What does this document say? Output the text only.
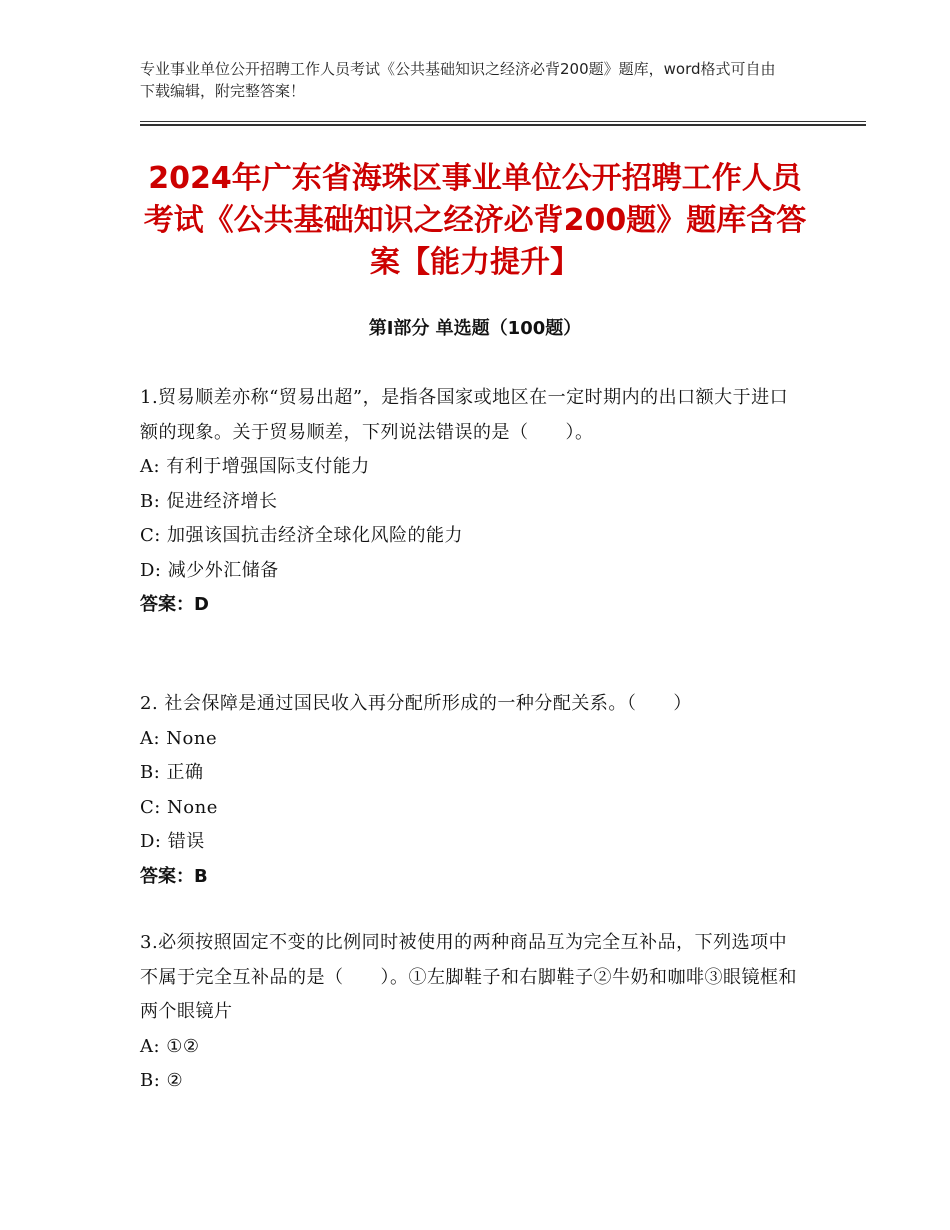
专业事业单位公开招聘工作人员考试《公共基础知识之经济必背200题》题库，word格式可自由下载编辑，附完整答案！
2024年广东省海珠区事业单位公开招聘工作人员考试《公共基础知识之经济必背200题》题库含答案【能力提升】
第Ⅰ部分 单选题（100题）

1.贸易顺差亦称“贸易出超”，是指各国家或地区在一定时期内的出口额大于进口额的现象。关于贸易顺差，下列说法错误的是（　　）。

A: 有利于增强国际支付能力

B: 促进经济增长

C: 加强该国抗击经济全球化风险的能力

D: 减少外汇储备

答案：D

2. 社会保障是通过国民收入再分配所形成的一种分配关系。（　　）

A: None

B: 正确

C: None

D: 错误

答案：B

3.必须按照固定不变的比例同时被使用的两种商品互为完全互补品，下列选项中不属于完全互补品的是（　　）。①左脚鞋子和右脚鞋子②牛奶和咖啡③眼镜框和两个眼镜片

A: ①②

B: ②
